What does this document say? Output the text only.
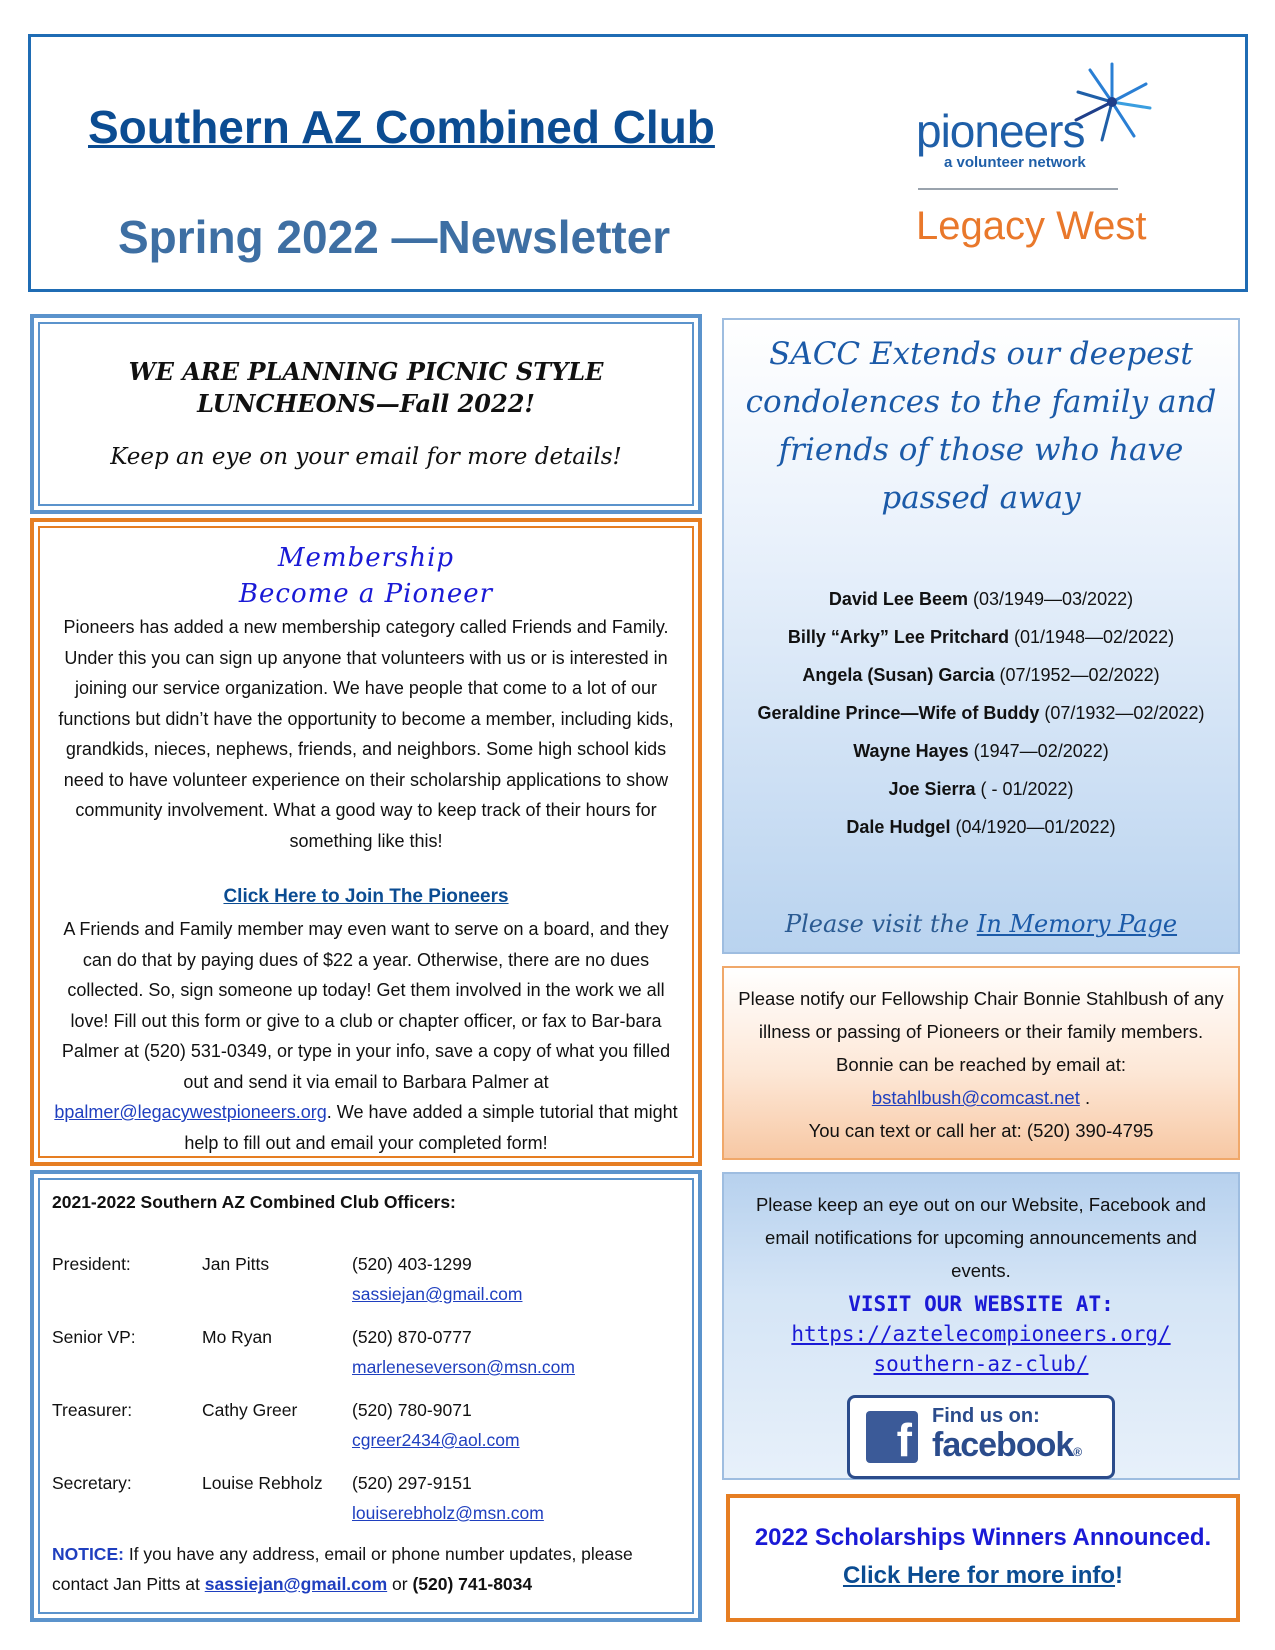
Southern AZ Combined Club
Spring 2022 —Newsletter
pioneers
a volunteer network
Legacy West
WE ARE PLANNING PICNIC STYLE
LUNCHEONS—Fall 2022!
Keep an eye on your email for more details!
Membership
Become a Pioneer

Pioneers has added a new membership category called Friends and Family. Under this you can sign up anyone that volunteers with us or is interested in joining our service organization. We have people that come to a lot of our functions but didn’t have the opportunity to become a member, including kids, grandkids, nieces, nephews, friends, and neighbors. Some high school kids need to have volunteer experience on their scholarship applications to show community involvement. What a good way to keep track of their hours for something like this!

Click Here to Join The Pioneers

A Friends and Family member may even want to serve on a board, and they can do that by paying dues of $22 a year. Otherwise, there are no dues collected. So, sign someone up today! Get them involved in the work we all love! Fill out this form or give to a club or chapter officer, or fax to Bar-bara Palmer at (520) 531-0349, or type in your info, save a copy of what you filled out and send it via email to Barbara Palmer at bpalmer@legacywestpioneers.org. We have added a simple tutorial that might help to fill out and email your completed form!

2021-2022 Southern AZ Combined Club Officers:
President:	Jan Pitts	(520) 403-1299
sassiejan@gmail.com
Senior VP:	Mo Ryan	(520) 870-0777
marleneseverson@msn.com
Treasurer:	Cathy Greer	(520) 780-9071
cgreer2434@aol.com
Secretary:	Louise Rebholz	(520) 297-9151
louiserebholz@msn.com
NOTICE: If you have any address, email or phone number updates, please contact Jan Pitts at sassiejan@gmail.com or (520) 741-8034
SACC Extends our deepest condolences to the family and friends of those who have passed away
David Lee Beem (03/1949—03/2022)
Billy “Arky” Lee Pritchard (01/1948—02/2022)
Angela (Susan) Garcia (07/1952—02/2022)
Geraldine Prince—Wife of Buddy (07/1932—02/2022)
Wayne Hayes (1947—02/2022)
Joe Sierra ( - 01/2022)
Dale Hudgel (04/1920—01/2022)
Please visit the In Memory Page
Please notify our Fellowship Chair Bonnie Stahlbush of any illness or passing of Pioneers or their family members. Bonnie can be reached by email at:
bstahlbush@comcast.net .
You can text or call her at: (520) 390-4795
Please keep an eye out on our Website, Facebook and email notifications for upcoming announcements and events.
VISIT OUR WEBSITE AT:
https://aztelecompioneers.org/
southern-az-club/
f	Find us on:
facebook®
2022 Scholarships Winners Announced.
Click Here for more info!
